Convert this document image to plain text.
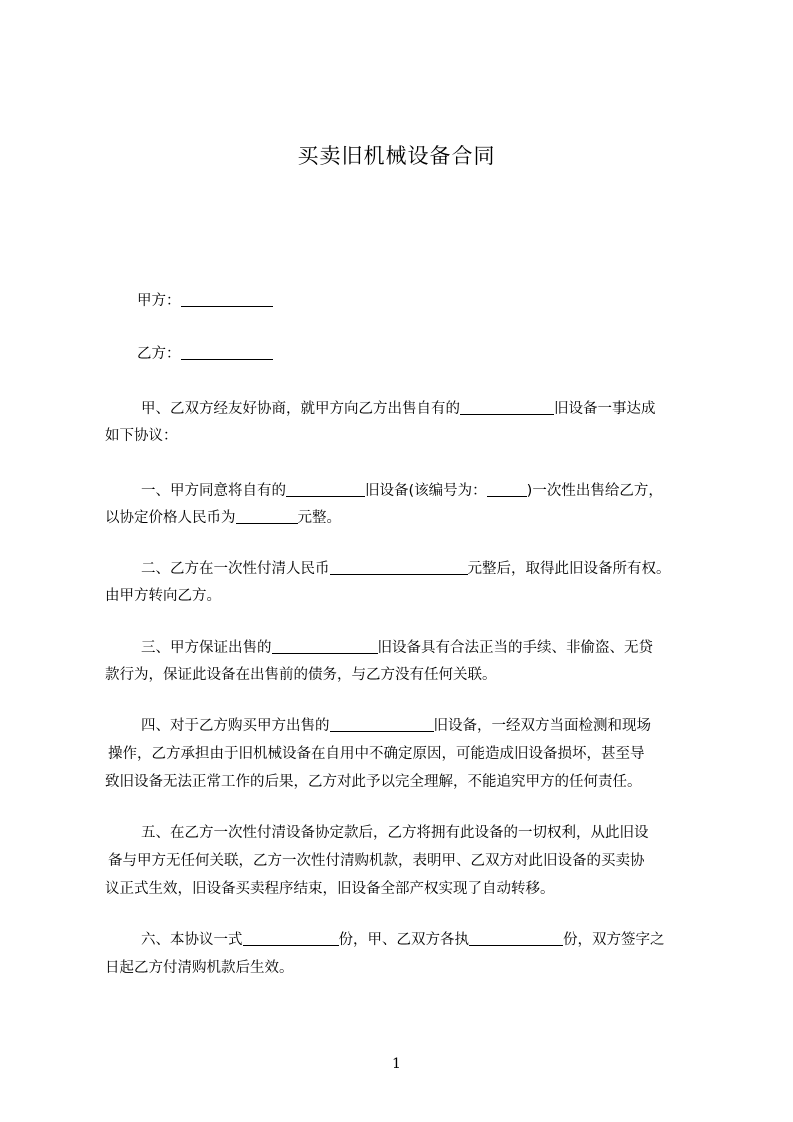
买卖旧机械设备合同
甲方：
乙方：
甲、乙双方经友好协商，就甲方向乙方出售自有的	旧设备一事达成
如下协议：
一、甲方同意将自有的	旧设备(该编号为：	)一次性出售给乙方，
以协定价格人民币为	元整。
二、乙方在一次性付清人民币	元整后，取得此旧设备所有权。
由甲方转向乙方。
三、甲方保证出售的	旧设备具有合法正当的手续、非偷盗、无贷
款行为，保证此设备在出售前的债务，与乙方没有任何关联。
四、对于乙方购买甲方出售的	旧设备，一经双方当面检测和现场
操作，乙方承担由于旧机械设备在自用中不确定原因，可能造成旧设备损坏，甚至导
致旧设备无法正常工作的后果，乙方对此予以完全理解，不能追究甲方的任何责任。
五、在乙方一次性付清设备协定款后，乙方将拥有此设备的一切权利，从此旧设
备与甲方无任何关联，乙方一次性付清购机款，表明甲、乙双方对此旧设备的买卖协
议正式生效，旧设备买卖程序结束，旧设备全部产权实现了自动转移。
六、本协议一式	份，甲、乙双方各执	份，双方签字之
日起乙方付清购机款后生效。
1
